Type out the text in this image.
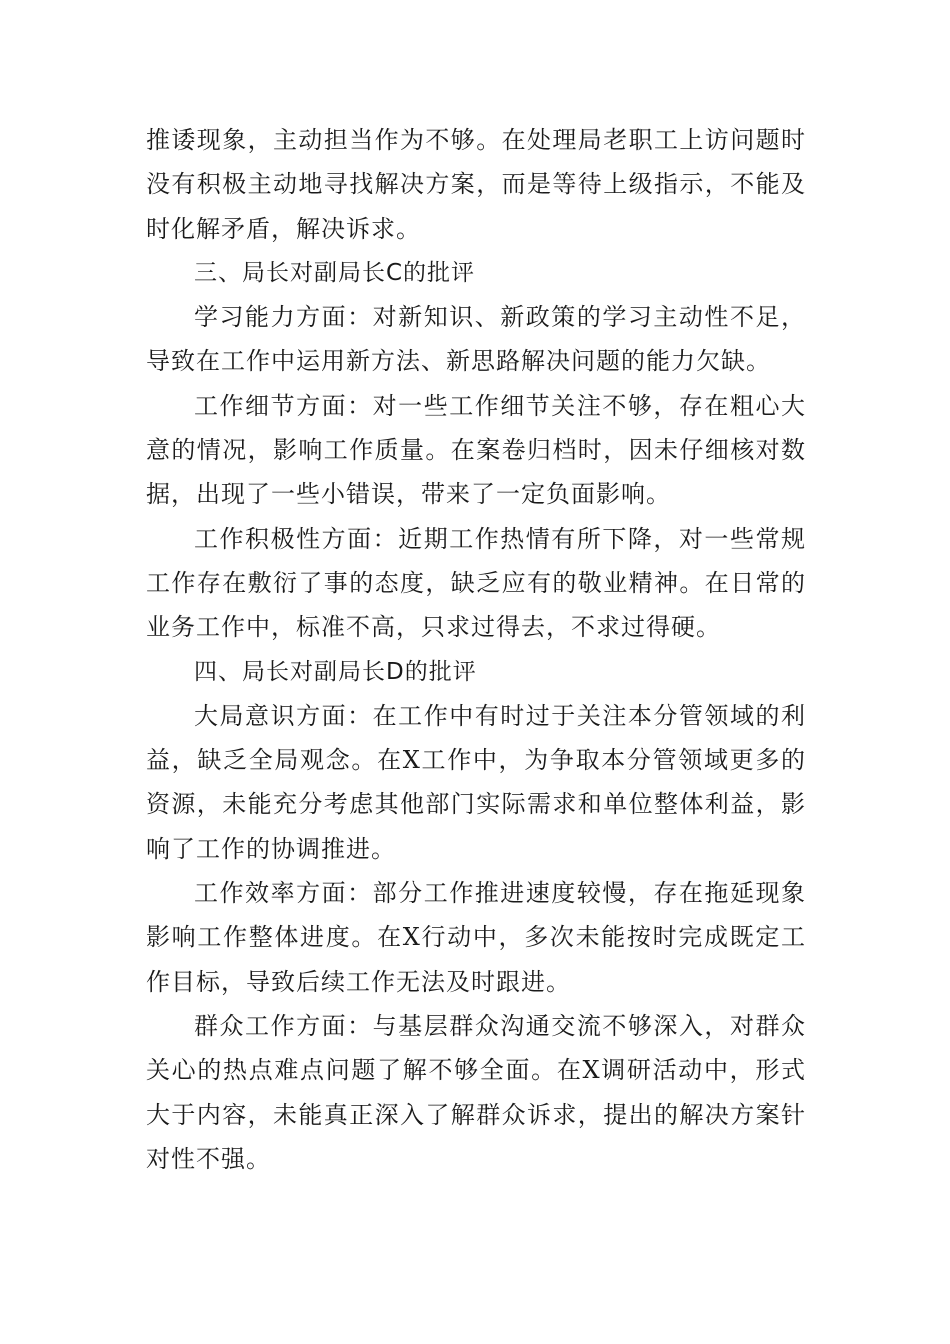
推诿现象，主动担当作为不够。在处理局老职工上访问题时没有积极主动地寻找解决方案，而是等待上级指示，不能及时化解矛盾，解决诉求。

三、局长对副局长C的批评

学习能力方面：对新知识、新政策的学习主动性不足，导致在工作中运用新方法、新思路解决问题的能力欠缺。

工作细节方面：对一些工作细节关注不够，存在粗心大意的情况，影响工作质量。在案卷归档时，因未仔细核对数据，出现了一些小错误，带来了一定负面影响。

工作积极性方面：近期工作热情有所下降，对一些常规工作存在敷衍了事的态度，缺乏应有的敬业精神。在日常的业务工作中，标准不高，只求过得去，不求过得硬。

四、局长对副局长D的批评

大局意识方面：在工作中有时过于关注本分管领域的利益，缺乏全局观念。在X工作中，为争取本分管领域更多的资源，未能充分考虑其他部门实际需求和单位整体利益，影响了工作的协调推进。

工作效率方面：部分工作推进速度较慢，存在拖延现象影响工作整体进度。在X行动中，多次未能按时完成既定工作目标，导致后续工作无法及时跟进。

群众工作方面：与基层群众沟通交流不够深入，对群众关心的热点难点问题了解不够全面。在X调研活动中，形式大于内容，未能真正深入了解群众诉求，提出的解决方案针对性不强。
